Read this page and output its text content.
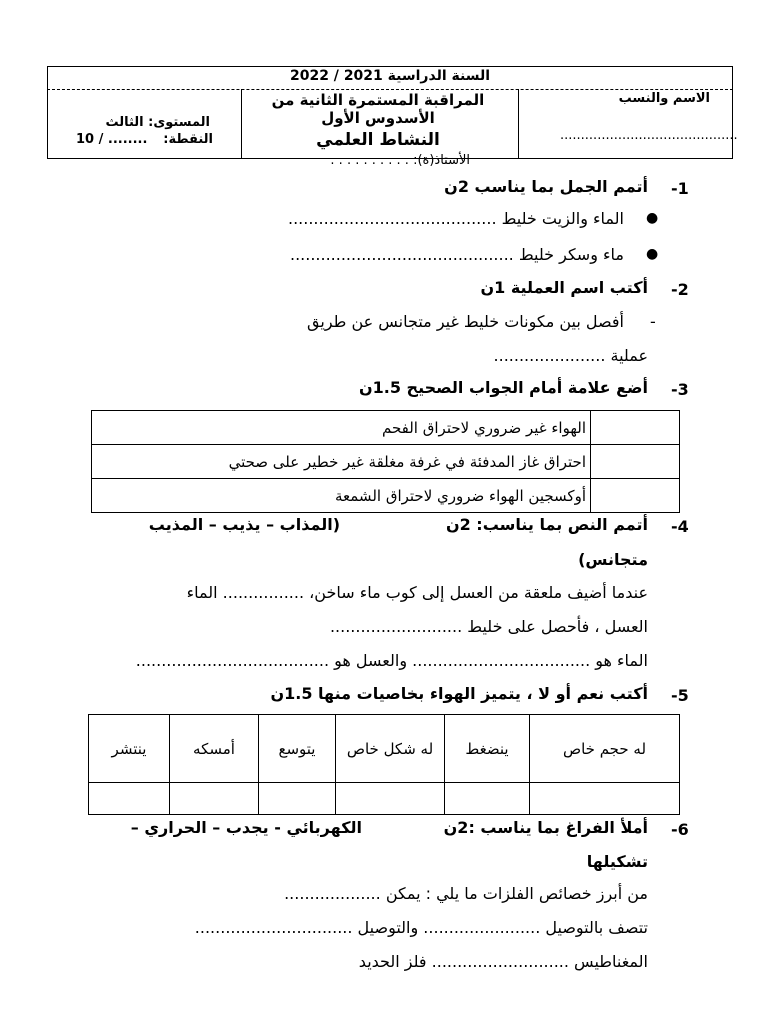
السنة الدراسية 2021 / 2022
الاسم والنسب
...........................................
المراقبة المستمرة الثانية من
الأسدوس الأول
النشاط العلمي
الأستاذ(ة): . . . . . . . . . .
المستوى: الثالث
النقطة:
10 / ........
-1
أتمم الجمل بما يناسب 2ن
●
الماء والزيت خليط .........................................
●
ماء وسكر خليط ............................................
-2
أكتب اسم العملية 1ن
-
أفصل بين مكونات خليط غير متجانس عن طريق
عملية ......................
-3
أضع علامة أمام الجواب الصحيح 1.5ن
الهواء غير ضروري لاحتراق الفحم	
احتراق غاز المدفئة في غرفة مغلقة غير خطير على صحتي	
أوكسجين الهواء ضروري لاحتراق الشمعة	
-4
أتمم النص بما يناسب: 2ن
(المذاب – يذيب – المذيب
متجانس)
عندما أضيف ملعقة من العسل إلى كوب ماء ساخن، ................ الماء
العسل ، فأحصل على خليط ..........................
الماء هو ................................... والعسل هو ......................................
-5
أكتب نعم أو لا ، يتميز الهواء بخاصيات منها 1.5ن
ينتشر	أمسكه	يتوسع	له شكل خاص	ينضغط	له حجم خاص

-6
أملأ الفراغ بما يناسب :2ن
الكهربائي - يجدب – الحراري –
تشكيلها
من أبرز خصائص الفلزات ما يلي : يمكن ...................
تتصف بالتوصيل ....................... والتوصيل ...............................
المغناطيس ........................... فلز الحديد
